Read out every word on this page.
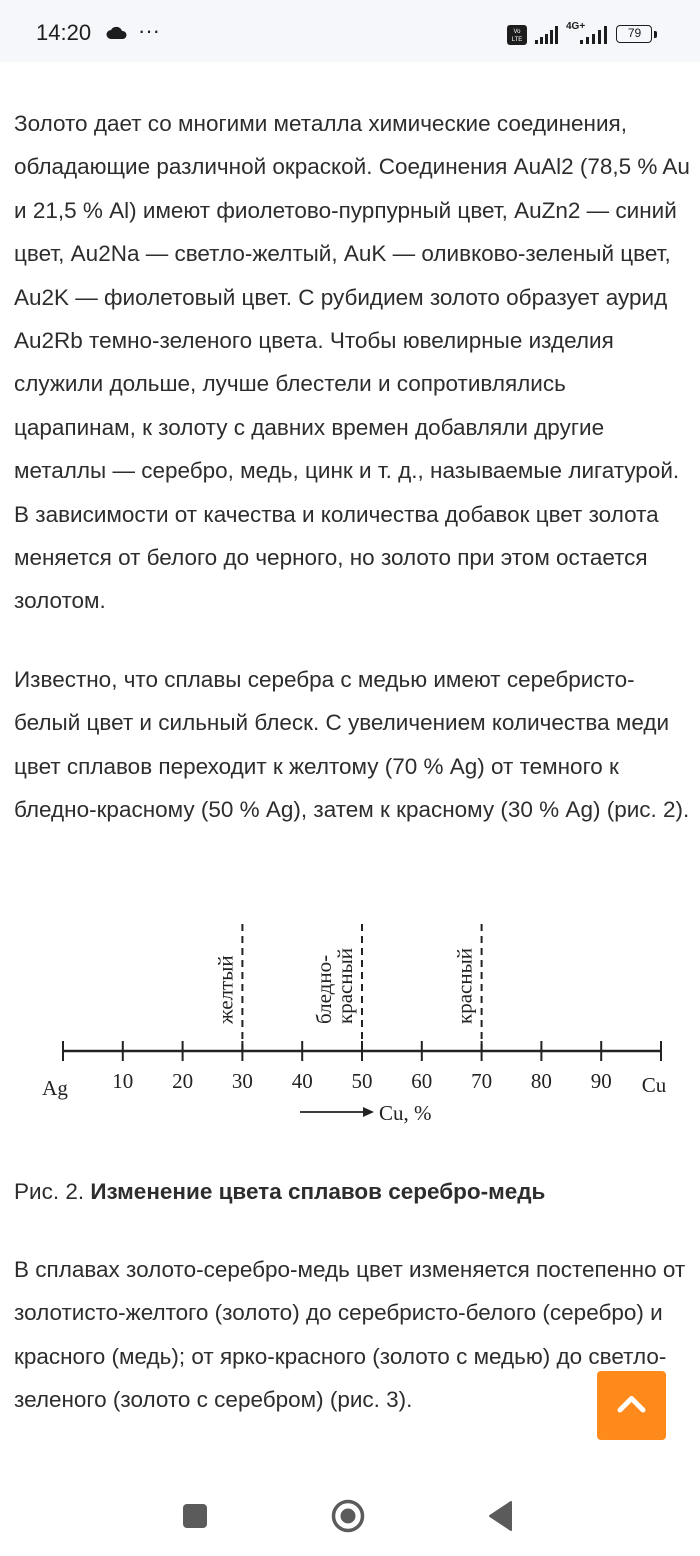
14:20 ···	Vo
LTE
4G+	79

Золото дает со многими металла химические соединения, обладающие различной окраской. Соединения AuAl2 (78,5 % Au и 21,5 % Al) имеют фиолетово-пурпурный цвет, AuZn2 — синий цвет, Au2Na — светло-желтый, AuK — оливково-зеленый цвет, Au2K — фиолетовый цвет. С рубидием золото образует аурид Au2Rb темно-зеленого цвета. Чтобы ювелирные изделия служили дольше, лучше блестели и сопротивлялись царапинам, к золоту с давних времен добавляли другие металлы — серебро, медь, цинк и т. д., называемые лигатурой. В зависимости от качества и количества добавок цвет золота меняется от белого до черного, но золото при этом остается золотом.

Известно, что сплавы серебра с медью имеют серебристо-белый цвет и сильный блеск. С увеличением количества меди цвет сплавов переходит к желтому (70 % Ag) от темного к бледно-красному (50 % Ag), затем к красному (30 % Ag) (рис. 2).

Рис. 2. Изменение цвета сплавов серебро-медь

В сплавах золото-серебро-медь цвет изменяется постепенно от золотисто-желтого (золото) до серебристо-белого (серебро) и красного (медь); от ярко-красного (золото с медью) до светло-зеленого (золото с серебром) (рис. 3).

10 20 30 40 50 60 70 80 90
желтый	бледно-
красный	красный
Ag	Cu
Cu, %
